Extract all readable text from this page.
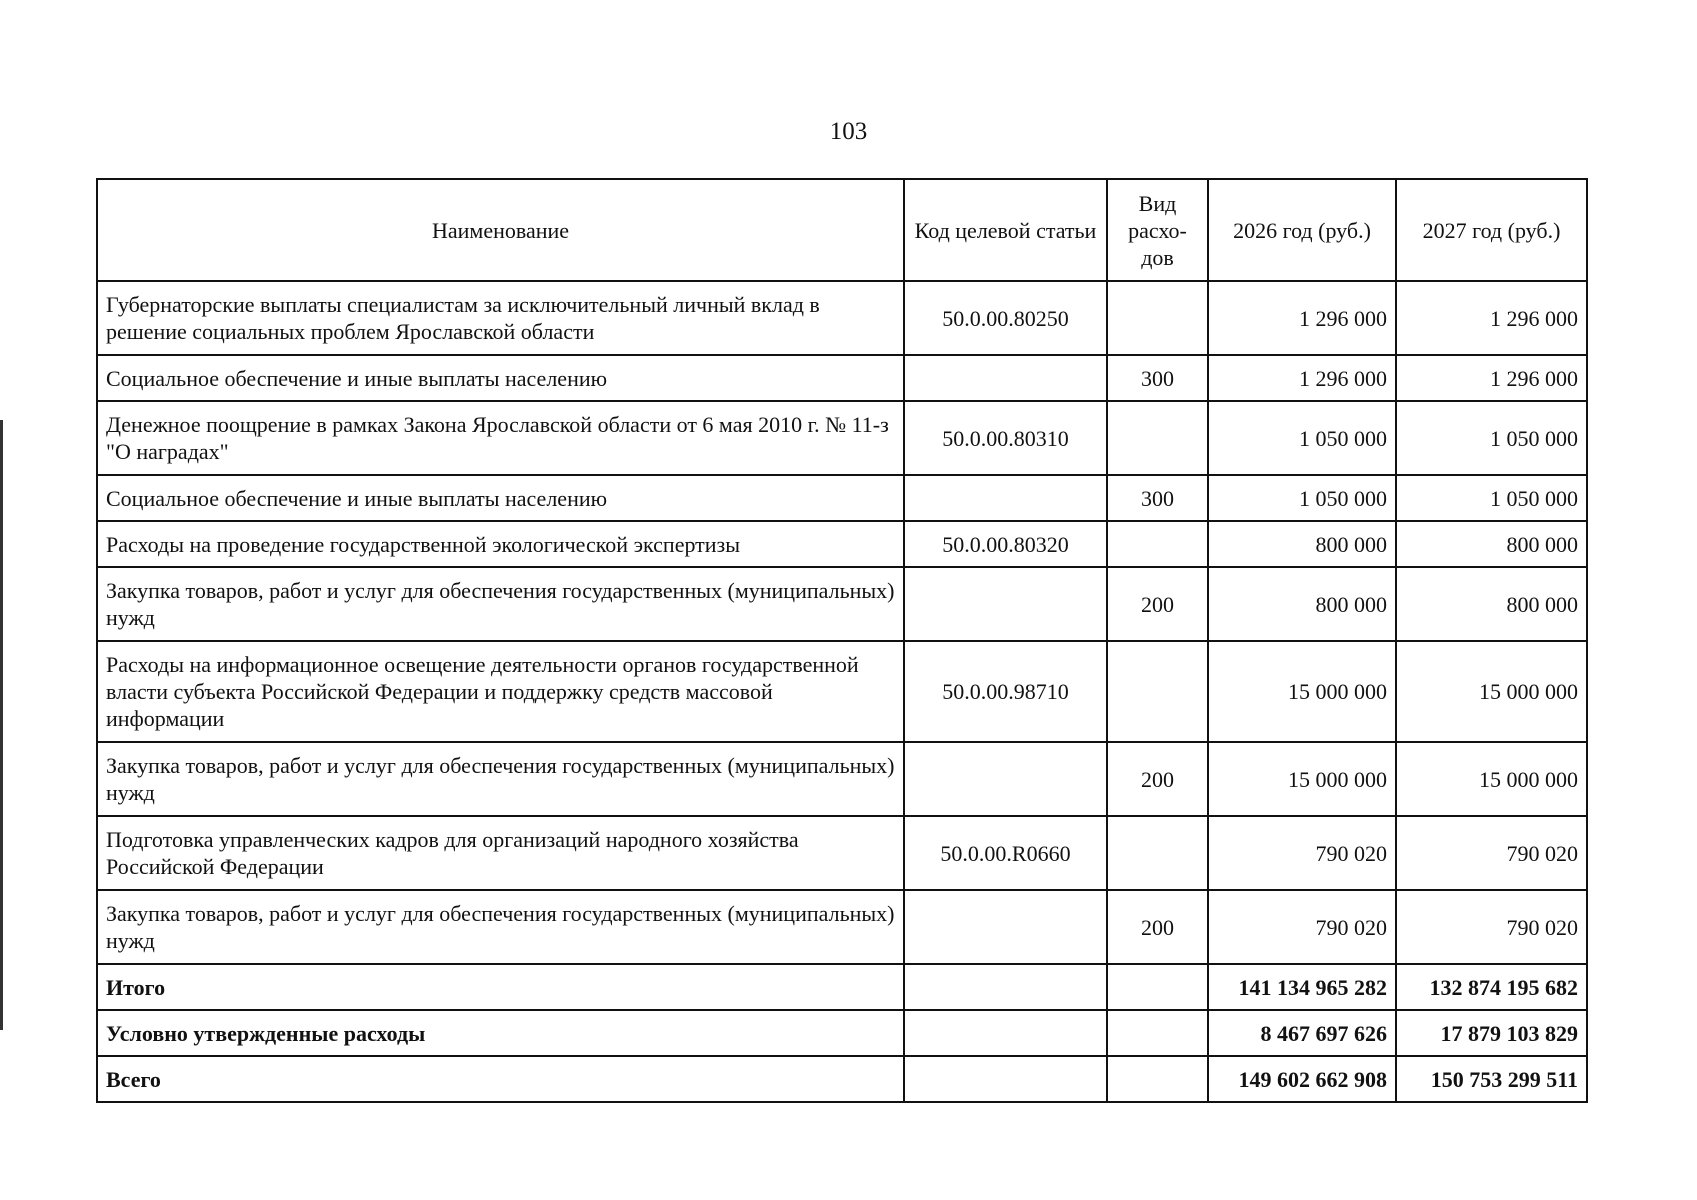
103
Наименование	Код целевой статьи	Вид расхо-дов	2026 год (руб.)	2027 год (руб.)
Губернаторские выплаты специалистам за исключительный личный вклад в решение социальных проблем Ярославской области	50.0.00.80250		1 296 000	1 296 000
Социальное обеспечение и иные выплаты населению		300	1 296 000	1 296 000
Денежное поощрение в рамках Закона Ярославской области от 6 мая 2010 г. № 11-з "О наградах"	50.0.00.80310		1 050 000	1 050 000
Социальное обеспечение и иные выплаты населению		300	1 050 000	1 050 000
Расходы на проведение государственной экологической экспертизы	50.0.00.80320		800 000	800 000
Закупка товаров, работ и услуг для обеспечения государственных (муниципальных) нужд		200	800 000	800 000
Расходы на информационное освещение деятельности органов государственной власти субъекта Российской Федерации и поддержку средств массовой информации	50.0.00.98710		15 000 000	15 000 000
Закупка товаров, работ и услуг для обеспечения государственных (муниципальных) нужд		200	15 000 000	15 000 000
Подготовка управленческих кадров для организаций народного хозяйства Российской Федерации	50.0.00.R0660		790 020	790 020
Закупка товаров, работ и услуг для обеспечения государственных (муниципальных) нужд		200	790 020	790 020
Итого			141 134 965 282	132 874 195 682
Условно утвержденные расходы			8 467 697 626	17 879 103 829
Всего			149 602 662 908	150 753 299 511
